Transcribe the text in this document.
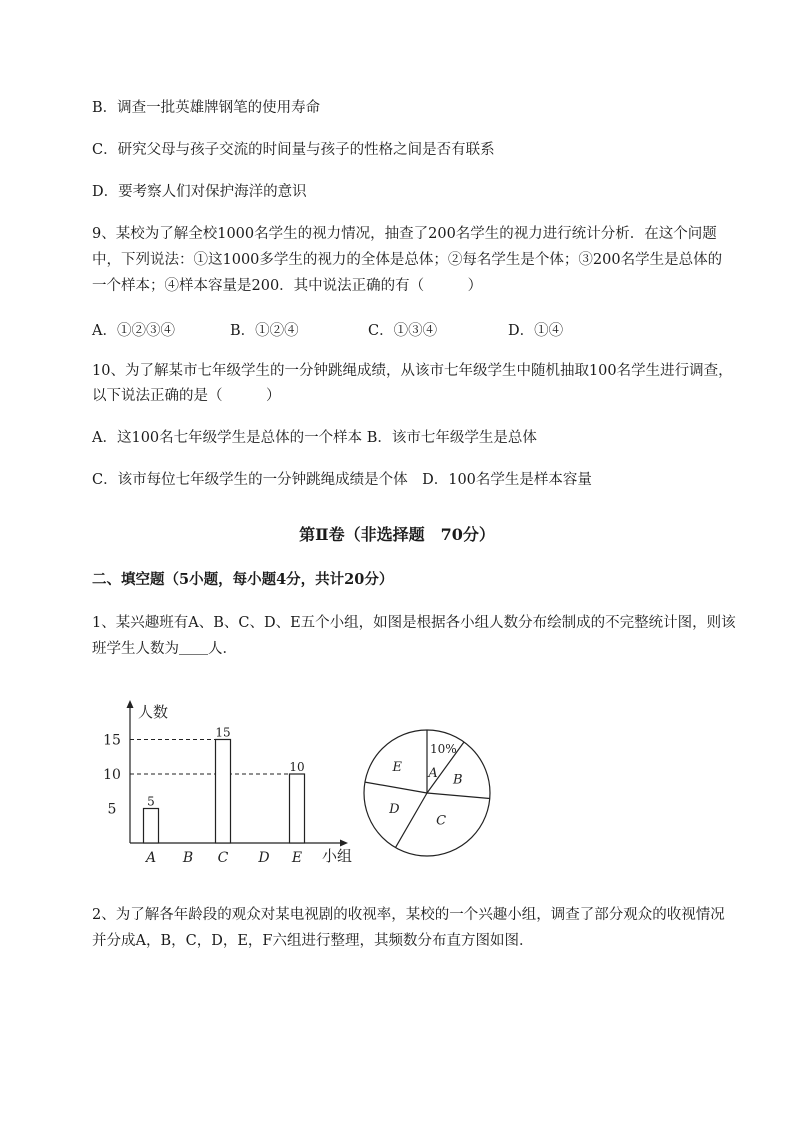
B．调查一批英雄牌钢笔的使用寿命
C．研究父母与孩子交流的时间量与孩子的性格之间是否有联系
D．要考察人们对保护海洋的意识
9、某校为了解全校1000名学生的视力情况，抽查了200名学生的视力进行统计分析．在这个问题
中，下列说法：①这1000多学生的视力的全体是总体；②每名学生是个体；③200名学生是总体的
一个样本；④样本容量是200．其中说法正确的有（　　　）
A．①②③④	B．①②④	C．①③④	D．①④
10、为了解某市七年级学生的一分钟跳绳成绩，从该市七年级学生中随机抽取100名学生进行调查，
以下说法正确的是（　　　）
A．这100名七年级学生是总体的一个样本 B．该市七年级学生是总体
C．该市每位七年级学生的一分钟跳绳成绩是个体　D．100名学生是样本容量
第Ⅱ卷（非选择题　70分）
二、填空题（5小题，每小题4分，共计20分）
1、某兴趣班有A、B、C、D、E五个小组，如图是根据各小组人数分布绘制成的不完整统计图，则该
班学生人数为＿＿人．
人数
小组
5
10
15
5
15
10
A B C D E
A B
C
D
E
10%
2、为了解各年龄段的观众对某电视剧的收视率，某校的一个兴趣小组，调查了部分观众的收视情况
并分成A，B，C，D，E，F六组进行整理，其频数分布直方图如图．
